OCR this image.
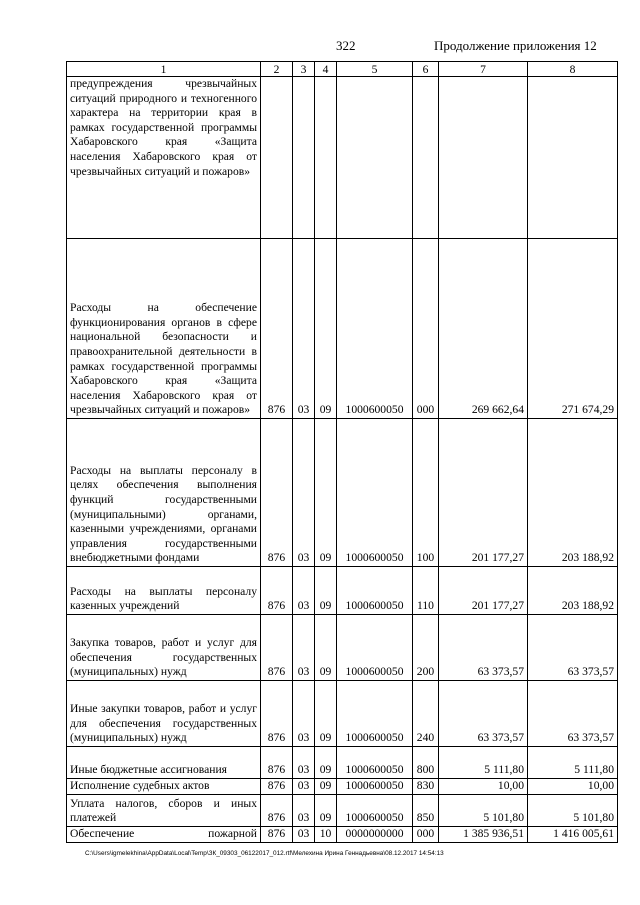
322	Продолжение приложения 12
1	2	3	4	5	6	7	8
предупреждения чрезвычайных ситуаций природного и техногенного характера на территории края в рамках государственной программы Хабаровского края «Защита населения Хабаровского края от чрезвычайных ситуаций и пожаров»							
Расходы на обеспечение функционирования органов в сфере национальной безопасности и правоохранительной деятельности в рамках государственной программы Хабаровского края «Защита населения Хабаровского края от чрезвычайных ситуаций и пожаров»	876	03	09	1000600050	000	269 662,64	271 674,29
Расходы на выплаты персоналу в целях обеспечения выполнения функций государственными (муниципальными) органами, казенными учреждениями, органами управления государственными внебюджетными фондами	876	03	09	1000600050	100	201 177,27	203 188,92
Расходы на выплаты персоналу казенных учреждений	876	03	09	1000600050	110	201 177,27	203 188,92
Закупка товаров, работ и услуг для обеспечения государственных (муниципальных) нужд	876	03	09	1000600050	200	63 373,57	63 373,57
Иные закупки товаров, работ и услуг для обеспечения государственных (муниципальных) нужд	876	03	09	1000600050	240	63 373,57	63 373,57
Иные бюджетные ассигнования	876	03	09	1000600050	800	5 111,80	5 111,80
Исполнение судебных актов	876	03	09	1000600050	830	10,00	10,00
Уплата налогов, сборов и иных платежей	876	03	09	1000600050	850	5 101,80	5 101,80
Обеспечение пожарной	876	03	10	0000000000	000	1 385 936,51	1 416 005,61
C:\Users\igmelekhina\AppData\Local\Temp\ЗК_09303_06122017_012.rtf\Мелехина Ирина Геннадьевна\08.12.2017 14:54:13
